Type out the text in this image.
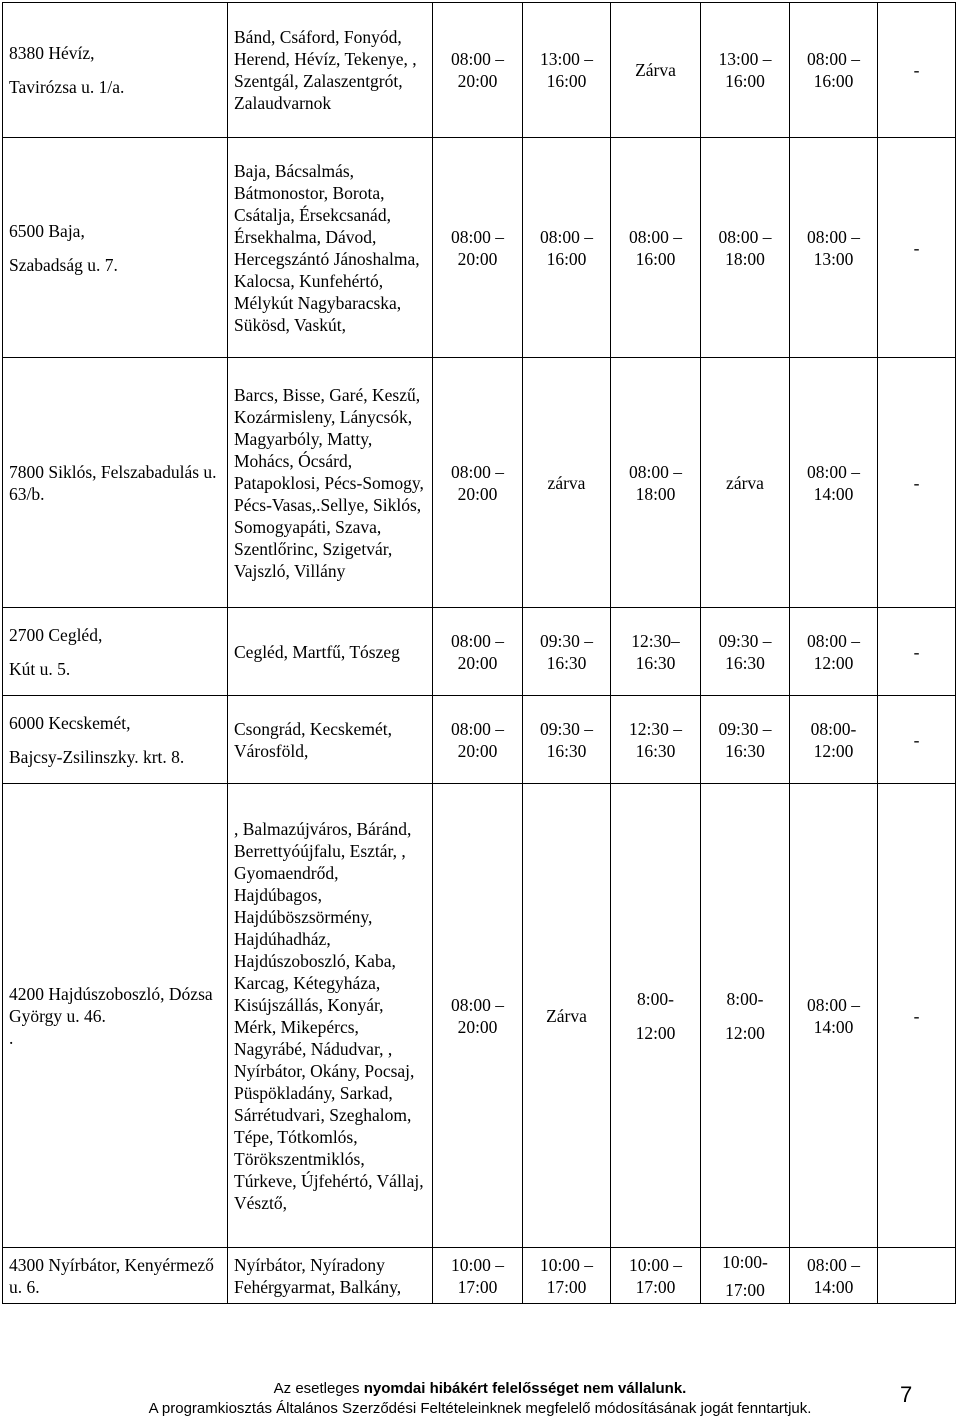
8380 Hévíz,
Tavirózsa u. 1/a.	Bánd, Csáford, Fonyód, Herend, Hévíz, Tekenye, , Szentgál, Zalaszentgrót, Zalaudvarnok	08:00 –
20:00	13:00 –
16:00	Zárva	13:00 –
16:00	08:00 –
16:00	-

6500 Baja,
Szabadság u. 7.	Baja, Bácsalmás, Bátmonostor, Borota, Csátalja, Érsekcsanád, Érsekhalma, Dávod, Hercegszántó Jánoshalma, Kalocsa, Kunfehértó, Mélykút Nagybaracska, Sükösd, Vaskút,	08:00 –
20:00	08:00 –
16:00	08:00 –
16:00	08:00 –
18:00	08:00 –
13:00	-

7800 Siklós, Felszabadulás u. 63/b.	Barcs, Bisse, Garé, Keszű, Kozármisleny, Lánycsók, Magyarbóly, Matty, Mohács, Ócsárd, Patapoklosi, Pécs-Somogy, Pécs-Vasas,.Sellye, Siklós, Somogyapáti, Szava, Szentlőrinc, Szigetvár, Vajszló, Villány	08:00 –
20:00	zárva	08:00 –
18:00	zárva	08:00 –
14:00	-

2700 Cegléd,
Kút u. 5.	Cegléd, Martfű, Tószeg	08:00 –
20:00	09:30 –
16:30	12:30–
16:30	09:30 –
16:30	08:00 –
12:00	-

6000 Kecskemét,
Bajcsy-Zsilinszky. krt. 8.	Csongrád, Kecskemét, Városföld,	08:00 –
20:00	09:30 –
16:30	12:30 –
16:30	09:30 –
16:30	08:00-
12:00	-

4200 Hajdúszoboszló, Dózsa György u. 46.
.	, Balmazújváros, Báránd, Berrettyóújfalu, Esztár, , Gyomaendrőd, Hajdúbagos, Hajdúböszsörmény, Hajdúhadház, Hajdúszoboszló, Kaba, Karcag, Kétegyháza, Kisújszállás, Konyár, Mérk, Mikepércs, Nagyrábé, Nádudvar, , Nyírbátor, Okány, Pocsaj, Püspökladány, Sarkad, Sárrétudvari, Szeghalom, Tépe, Tótkomlós, Törökszentmiklós, Túrkeve, Újfehértó, Vállaj, Vésztő,	08:00 –
20:00	Zárva	8:00-
12:00	8:00-
12:00	08:00 –
14:00	-

4300 Nyírbátor, Kenyérmező u. 6.	Nyírbátor, Nyíradony Fehérgyarmat, Balkány,	10:00 –
17:00	10:00 –
17:00	10:00 –
17:00	10:00-
17:00	08:00 –
14:00	

Az esetleges nyomdai hibákért felelősséget nem vállalunk.
A programkiosztás Általános Szerződési Feltételeinknek megfelelő módosításának jogát fenntartjuk.
7
